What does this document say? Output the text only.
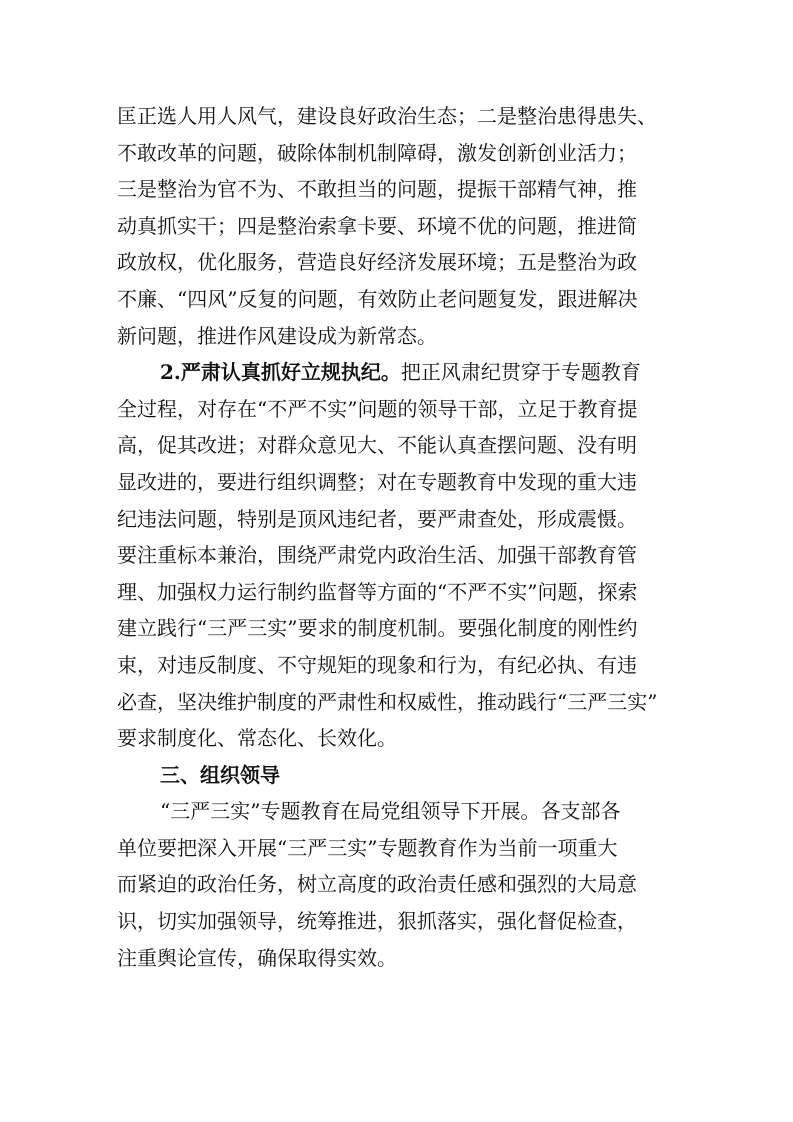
匡正选人用人风气，建设良好政治生态；二是整治患得患失、
不敢改革的问题，破除体制机制障碍，激发创新创业活力；
三是整治为官不为、不敢担当的问题，提振干部精气神，推
动真抓实干；四是整治索拿卡要、环境不优的问题，推进简
政放权，优化服务，营造良好经济发展环境；五是整治为政
不廉、“四风”反复的问题，有效防止老问题复发，跟进解决
新问题，推进作风建设成为新常态。
2.严肃认真抓好立规执纪。把正风肃纪贯穿于专题教育
全过程，对存在“不严不实”问题的领导干部，立足于教育提
高，促其改进；对群众意见大、不能认真查摆问题、没有明
显改进的，要进行组织调整；对在专题教育中发现的重大违
纪违法问题，特别是顶风违纪者，要严肃查处，形成震慑。
要注重标本兼治，围绕严肃党内政治生活、加强干部教育管
理、加强权力运行制约监督等方面的“不严不实”问题，探索
建立践行“三严三实”要求的制度机制。要强化制度的刚性约
束，对违反制度、不守规矩的现象和行为，有纪必执、有违
必查，坚决维护制度的严肃性和权威性，推动践行“三严三实”
要求制度化、常态化、长效化。
三、组织领导
“三严三实”专题教育在局党组领导下开展。各支部各
单位要把深入开展“三严三实”专题教育作为当前一项重大
而紧迫的政治任务，树立高度的政治责任感和强烈的大局意
识，切实加强领导，统筹推进，狠抓落实，强化督促检查，
注重舆论宣传，确保取得实效。
